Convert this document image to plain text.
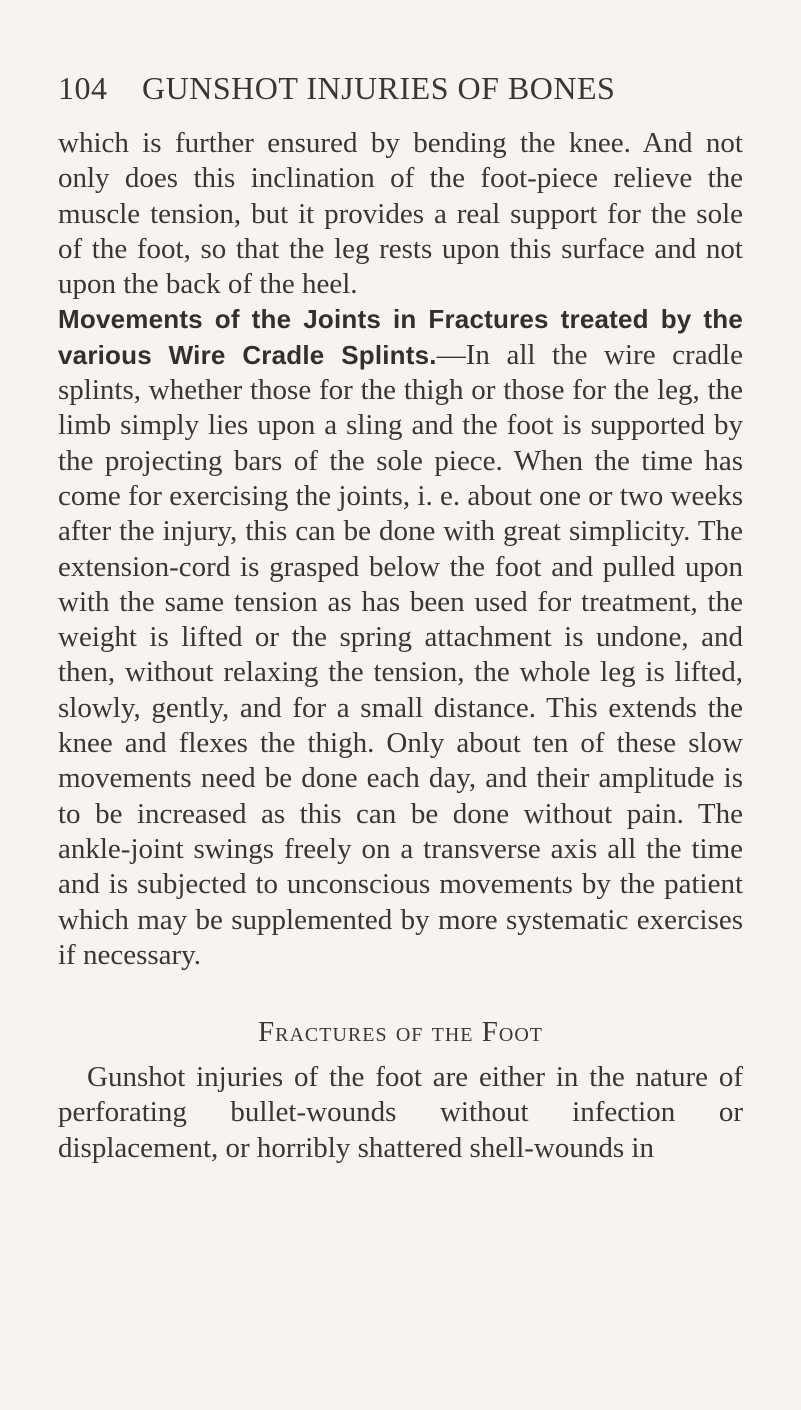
104 GUNSHOT INJURIES OF BONES

which is further ensured by bending the knee. And not only does this inclination of the foot-piece relieve the muscle tension, but it provides a real support for the sole of the foot, so that the leg rests upon this surface and not upon the back of the heel.

Movements of the Joints in Fractures treated by the various Wire Cradle Splints.—In all the wire cradle splints, whether those for the thigh or those for the leg, the limb simply lies upon a sling and the foot is supported by the projecting bars of the sole piece. When the time has come for exercising the joints, i. e. about one or two weeks after the injury, this can be done with great simplicity. The extension-cord is grasped below the foot and pulled upon with the same tension as has been used for treatment, the weight is lifted or the spring attachment is undone, and then, without relaxing the tension, the whole leg is lifted, slowly, gently, and for a small distance. This extends the knee and flexes the thigh. Only about ten of these slow movements need be done each day, and their amplitude is to be increased as this can be done without pain. The ankle-joint swings freely on a transverse axis all the time and is subjected to unconscious movements by the patient which may be supplemented by more systematic exercises if necessary.

Fractures of the Foot

Gunshot injuries of the foot are either in the nature of perforating bullet-wounds without infection or displacement, or horribly shattered shell-wounds in
